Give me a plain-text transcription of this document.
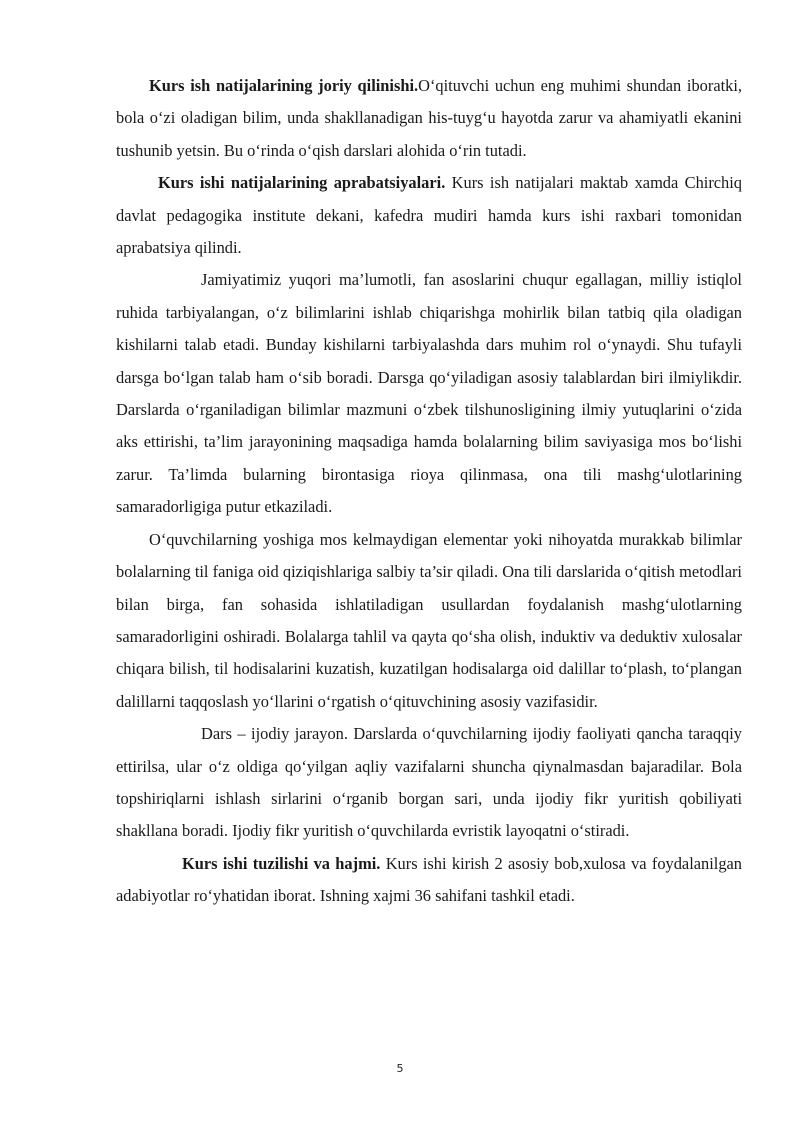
Kurs ish natijalarining joriy qilinishi.O‘qituvchi uchun eng muhimi shundan iboratki, bola o‘zi oladigan bilim, unda shakllanadigan his-tuyg‘u hayotda zarur va ahamiyatli ekanini tushunib yetsin. Bu o‘rinda o‘qish darslari alohida o‘rin tutadi.

Kurs ishi natijalarining aprabatsiyalari. Kurs ish natijalari maktab xamda Chirchiq davlat pedagogika institute dekani, kafedra mudiri hamda kurs ishi raxbari tomonidan aprabatsiya qilindi.

Jamiyatimiz yuqori ma’lumotli, fan asoslarini chuqur egallagan, milliy istiqlol ruhida tarbiyalangan, o‘z bilimlarini ishlab chiqarishga mohirlik bilan tatbiq qila oladigan kishilarni talab etadi. Bunday kishilarni tarbiyalashda dars muhim rol o‘ynaydi. Shu tufayli darsga bo‘lgan talab ham o‘sib boradi. Darsga qo‘yiladigan asosiy talablardan biri ilmiylikdir. Darslarda o‘rganiladigan bilimlar mazmuni o‘zbek tilshunosligining ilmiy yutuqlarini o‘zida aks ettirishi, ta’lim jarayonining maqsadiga hamda bolalarning bilim saviyasiga mos bo‘lishi zarur. Ta’limda bularning birontasiga rioya qilinmasa, ona tili mashg‘ulotlarining samaradorligiga putur etkaziladi.

O‘quvchilarning yoshiga mos kelmaydigan elementar yoki nihoyatda murakkab bilimlar bolalarning til faniga oid qiziqishlariga salbiy ta’sir qiladi. Ona tili darslarida o‘qitish metodlari bilan birga, fan sohasida ishlatiladigan usullardan foydalanish mashg‘ulotlarning samaradorligini oshiradi. Bolalarga tahlil va qayta qo‘sha olish, induktiv va deduktiv xulosalar chiqara bilish, til hodisalarini kuzatish, kuzatilgan hodisalarga oid dalillar to‘plash, to‘plangan dalillarni taqqoslash yo‘llarini o‘rgatish o‘qituvchining asosiy vazifasidir.

Dars – ijodiy jarayon. Darslarda o‘quvchilarning ijodiy faoliyati qancha taraqqiy ettirilsa, ular o‘z oldiga qo‘yilgan aqliy vazifalarni shuncha qiynalmasdan bajaradilar. Bola topshiriqlarni ishlash sirlarini o‘rganib borgan sari, unda ijodiy fikr yuritish qobiliyati shakllana boradi. Ijodiy fikr yuritish o‘quvchilarda evristik layoqatni o‘stiradi.

Kurs ishi tuzilishi va hajmi. Kurs ishi kirish 2 asosiy bob,xulosa va foydalanilgan adabiyotlar ro‘yhatidan iborat. Ishning xajmi 36 sahifani tashkil etadi.

5
